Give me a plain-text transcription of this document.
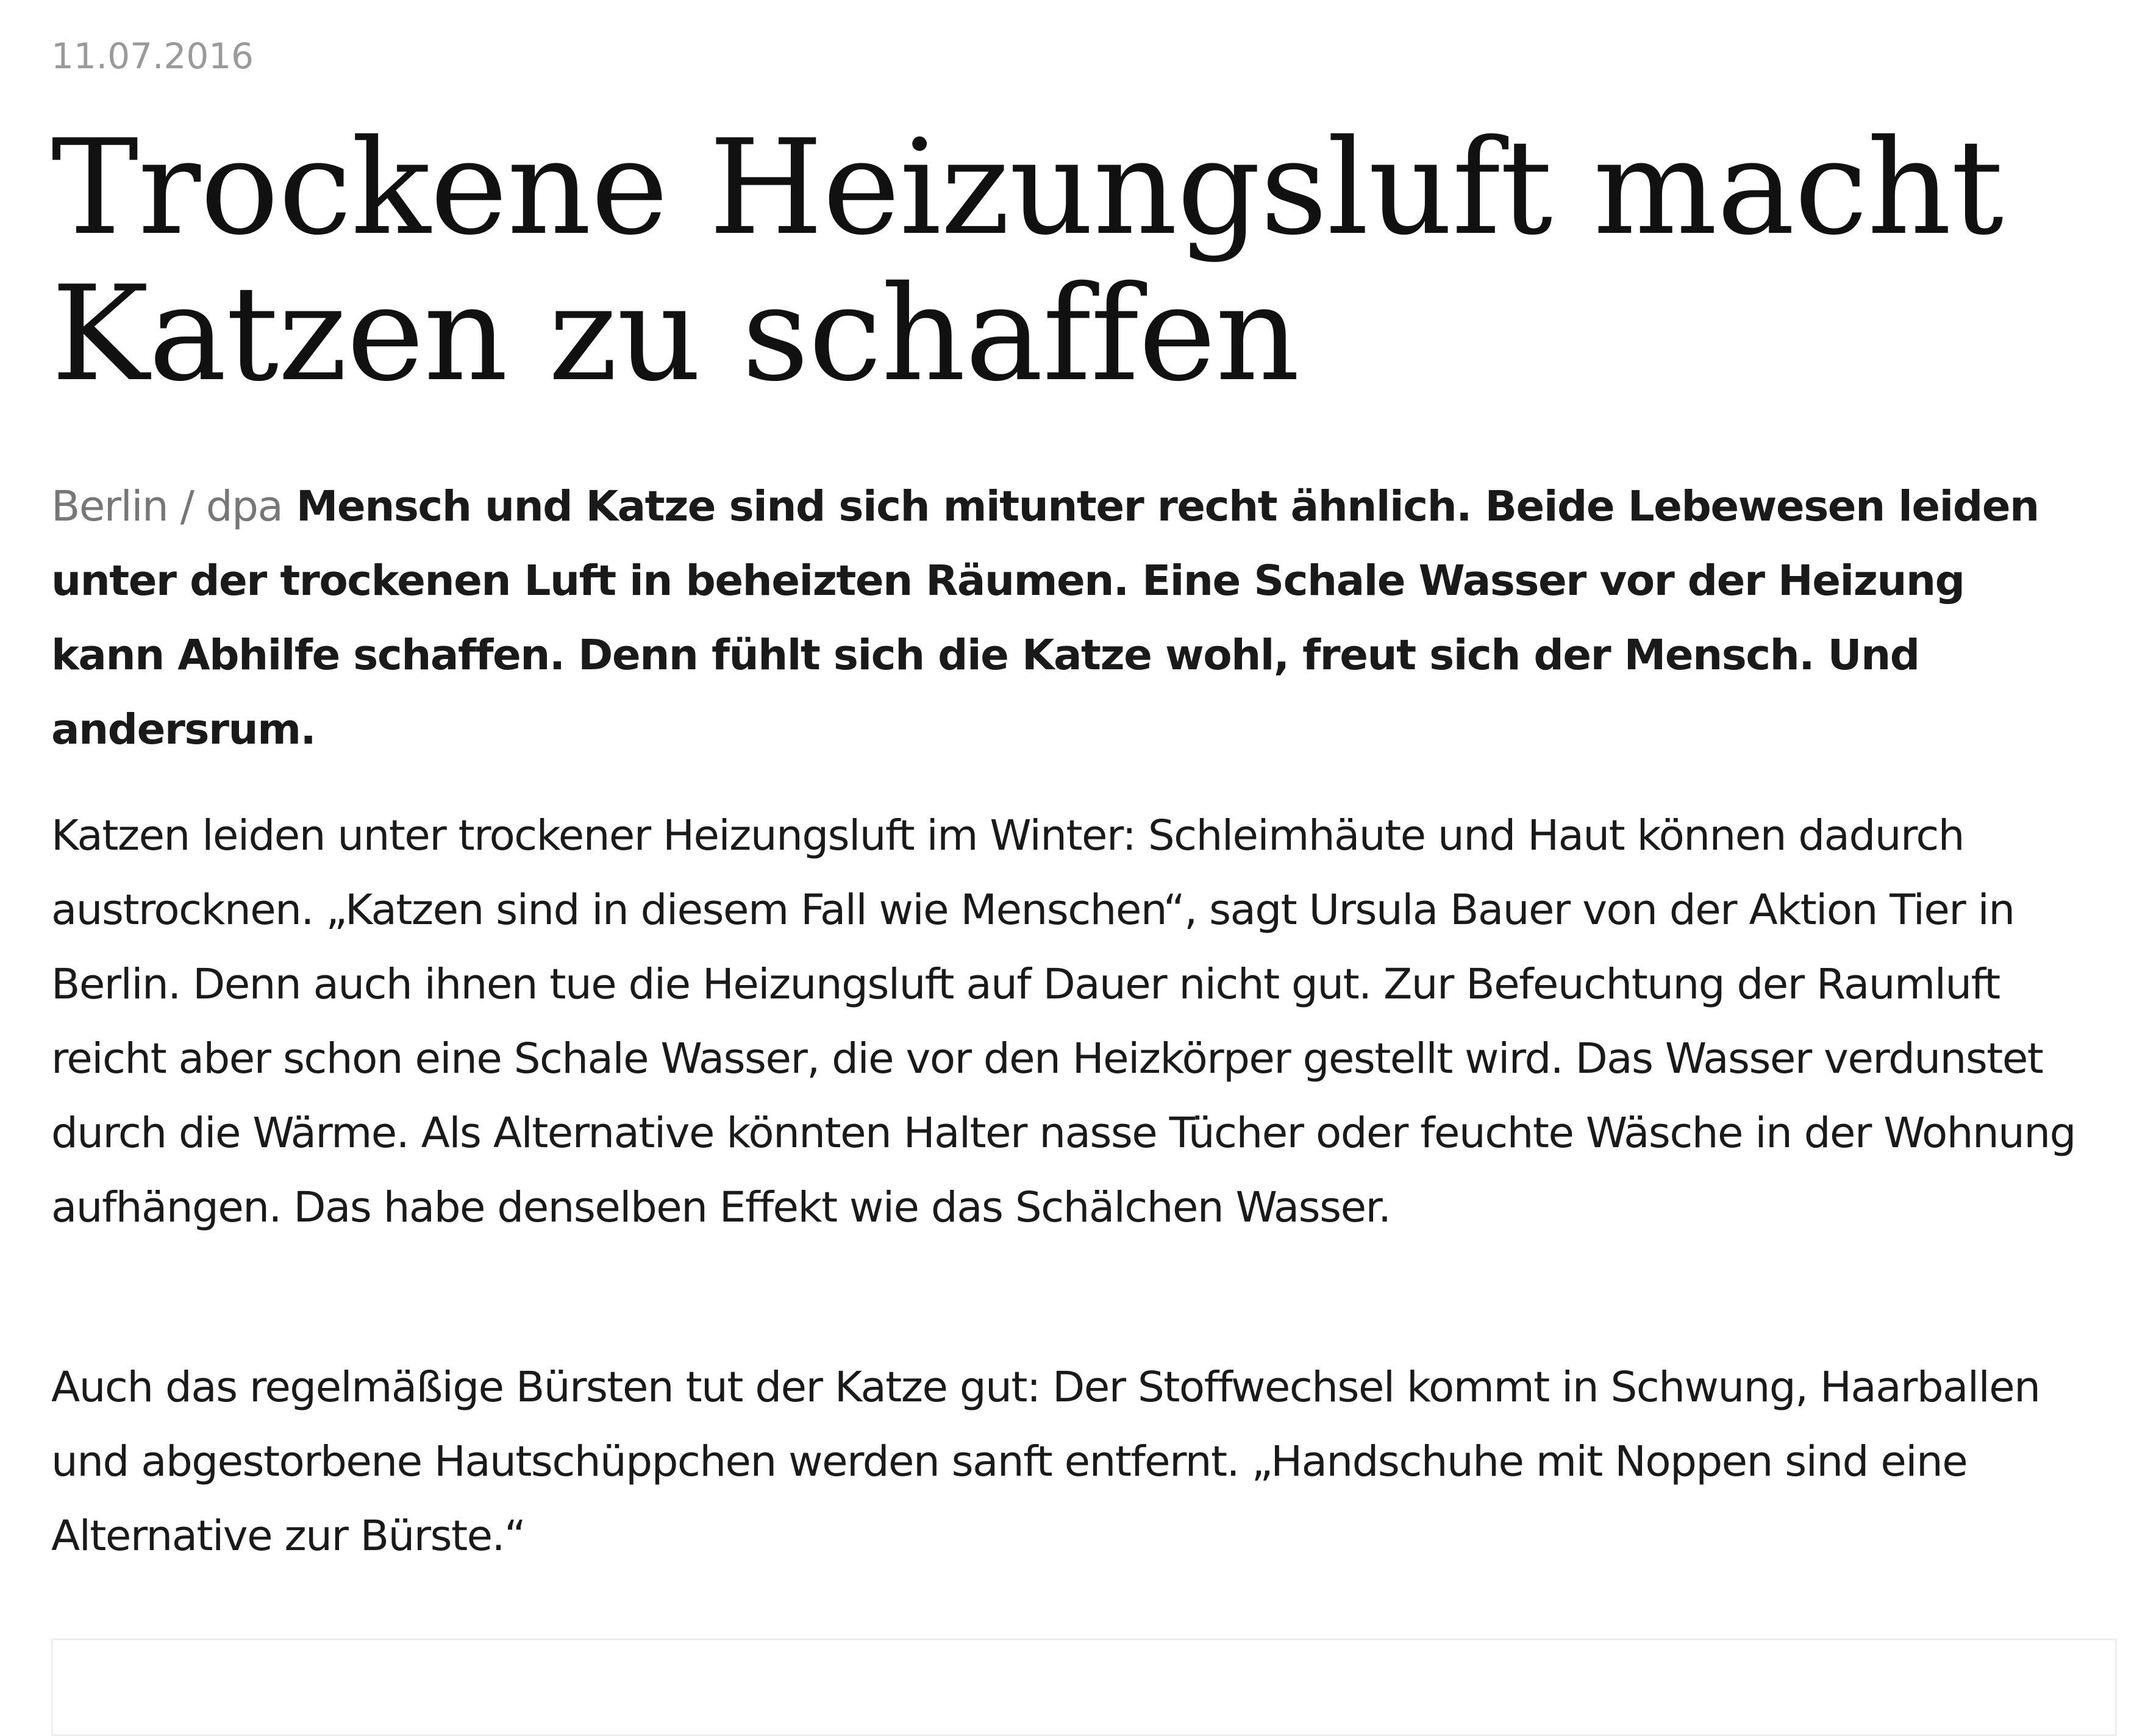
11.07.2016
Trockene Heizungsluft macht Katzen zu schaffen

Berlin / dpa Mensch und Katze sind sich mitunter recht ähnlich. Beide Lebewesen leiden unter der trockenen Luft in beheizten Räumen. Eine Schale Wasser vor der Heizung kann Abhilfe schaffen. Denn fühlt sich die Katze wohl, freut sich der Mensch. Und andersrum.

Katzen leiden unter trockener Heizungsluft im Winter: Schleimhäute und Haut können dadurch austrocknen. „Katzen sind in diesem Fall wie Menschen“, sagt Ursula Bauer von der Aktion Tier in Berlin. Denn auch ihnen tue die Heizungsluft auf Dauer nicht gut. Zur Befeuchtung der Raumluft reicht aber schon eine Schale Wasser, die vor den Heizkörper gestellt wird. Das Wasser verdunstet durch die Wärme. Als Alternative könnten Halter nasse Tücher oder feuchte Wäsche in der Wohnung aufhängen. Das habe denselben Effekt wie das Schälchen Wasser.

Auch das regelmäßige Bürsten tut der Katze gut: Der Stoffwechsel kommt in Schwung, Haarballen und abgestorbene Hautschüppchen werden sanft entfernt. „Handschuhe mit Noppen sind eine Alternative zur Bürste.“
